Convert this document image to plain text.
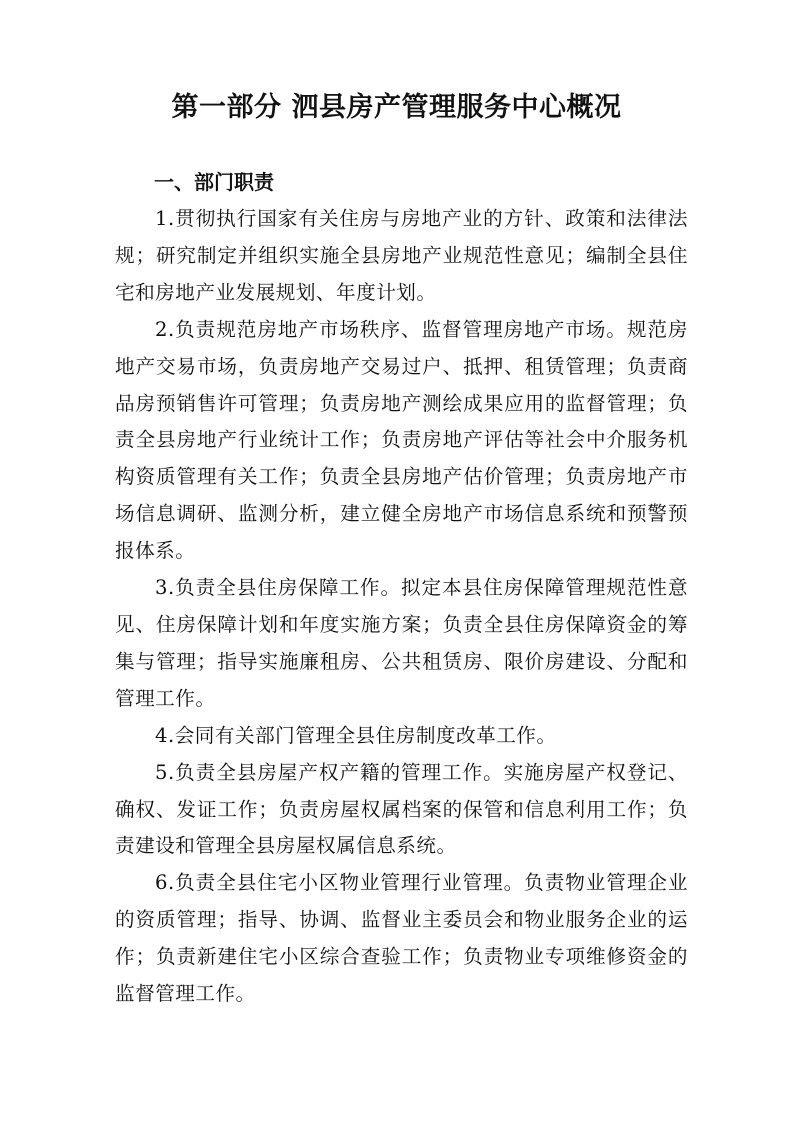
第一部分 泗县房产管理服务中心概况
一、部门职责

1.贯彻执行国家有关住房与房地产业的方针、政策和法律法规；研究制定并组织实施全县房地产业规范性意见；编制全县住宅和房地产业发展规划、年度计划。

2.负责规范房地产市场秩序、监督管理房地产市场。规范房地产交易市场，负责房地产交易过户、抵押、租赁管理；负责商品房预销售许可管理；负责房地产测绘成果应用的监督管理；负责全县房地产行业统计工作；负责房地产评估等社会中介服务机构资质管理有关工作；负责全县房地产估价管理；负责房地产市场信息调研、监测分析，建立健全房地产市场信息系统和预警预报体系。

3.负责全县住房保障工作。拟定本县住房保障管理规范性意见、住房保障计划和年度实施方案；负责全县住房保障资金的筹集与管理；指导实施廉租房、公共租赁房、限价房建设、分配和管理工作。

4.会同有关部门管理全县住房制度改革工作。

5.负责全县房屋产权产籍的管理工作。实施房屋产权登记、确权、发证工作；负责房屋权属档案的保管和信息利用工作；负责建设和管理全县房屋权属信息系统。

6.负责全县住宅小区物业管理行业管理。负责物业管理企业的资质管理；指导、协调、监督业主委员会和物业服务企业的运作；负责新建住宅小区综合查验工作；负责物业专项维修资金的监督管理工作。
